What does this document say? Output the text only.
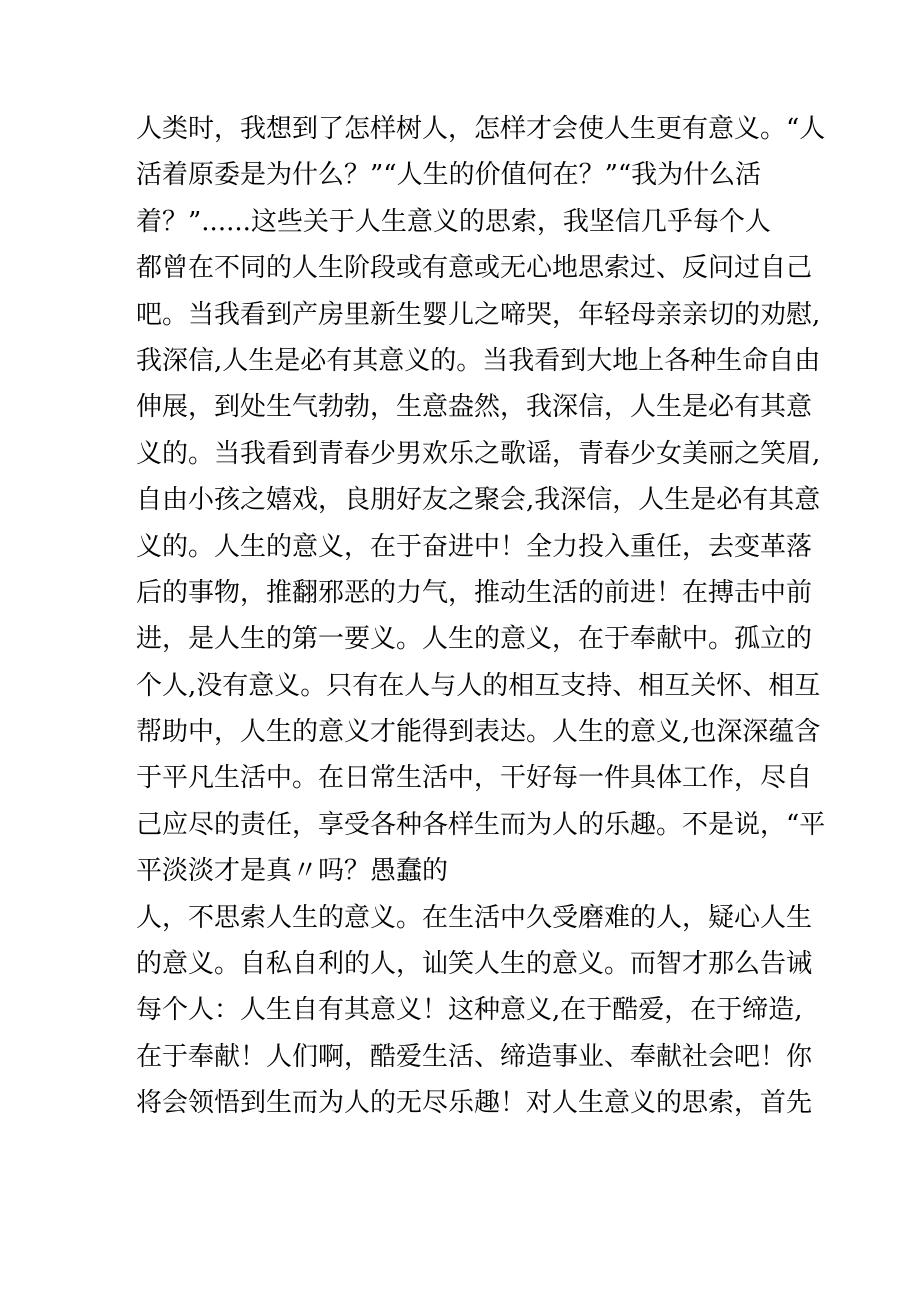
人类时，我想到了怎样树人，怎样才会使人生更有意义。“人
活着原委是为什么？”“人生的价值何在？”“我为什么活
着？”......这些关于人生意义的思索，我坚信几乎每个人
都曾在不同的人生阶段或有意或无心地思索过、反问过自己
吧。当我看到产房里新生婴儿之啼哭，年轻母亲亲切的劝慰,
我深信,人生是必有其意义的。当我看到大地上各种生命自由
伸展，到处生气勃勃，生意盎然，我深信，人生是必有其意
义的。当我看到青春少男欢乐之歌谣，青春少女美丽之笑眉,
自由小孩之嬉戏，良朋好友之聚会,我深信，人生是必有其意
义的。人生的意义，在于奋进中！全力投入重任，去变革落
后的事物，推翻邪恶的力气，推动生活的前进！在搏击中前
进，是人生的第一要义。人生的意义，在于奉献中。孤立的
个人,没有意义。只有在人与人的相互支持、相互关怀、相互
帮助中，人生的意义才能得到表达。人生的意义,也深深蕴含
于平凡生活中。在日常生活中，干好每一件具体工作，尽自
己应尽的责任，享受各种各样生而为人的乐趣。不是说，“平
平淡淡才是真〃吗？愚蠢的
人，不思索人生的意义。在生活中久受磨难的人，疑心人生
的意义。自私自利的人，讪笑人生的意义。而智才那么告诫
每个人：人生自有其意义！这种意义,在于酷爱，在于缔造,
在于奉献！人们啊，酷爱生活、缔造事业、奉献社会吧！你
将会领悟到生而为人的无尽乐趣！对人生意义的思索，首先
